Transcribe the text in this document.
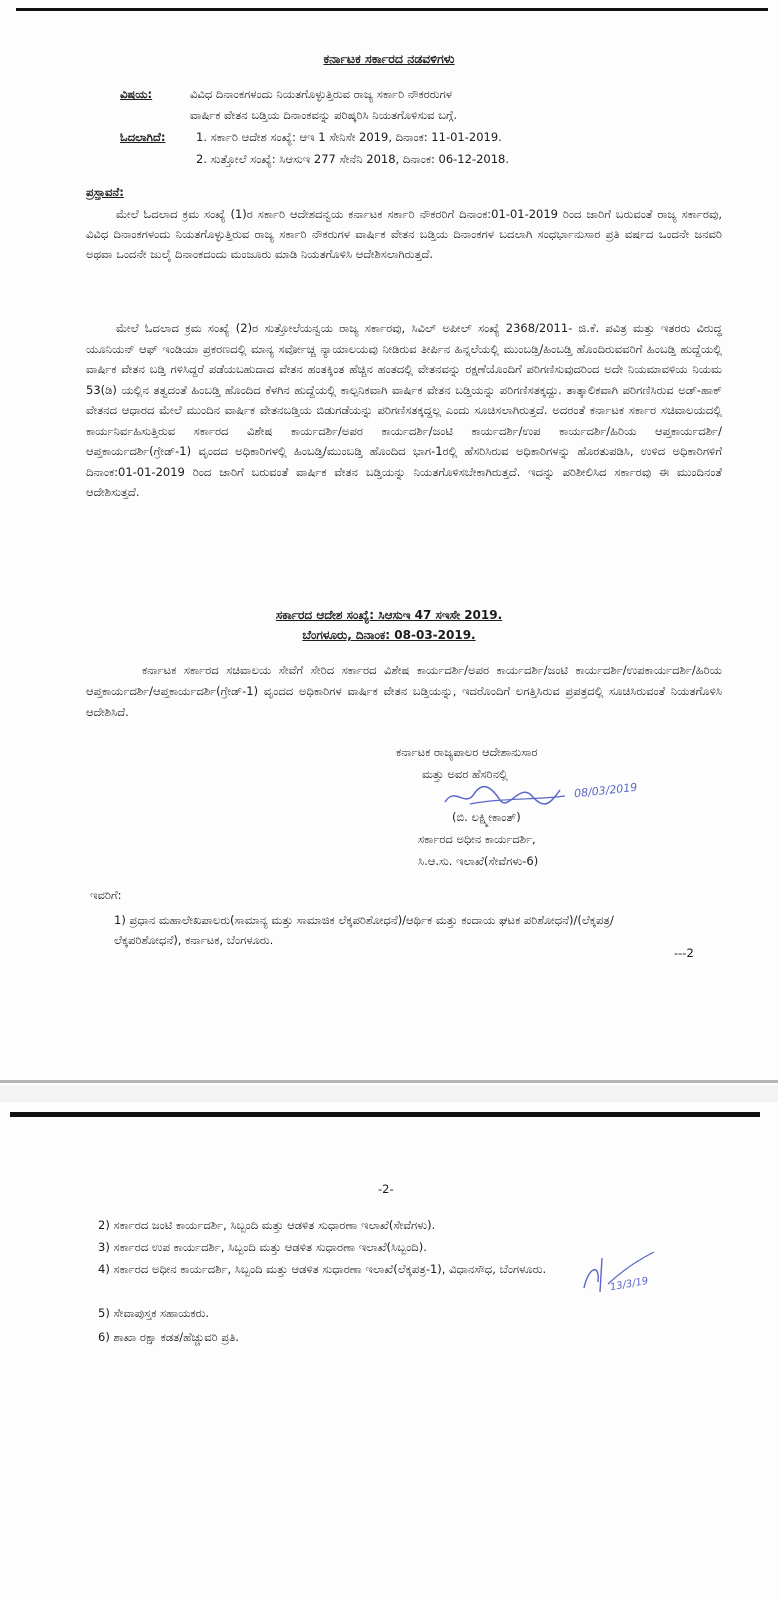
ಕರ್ನಾಟಕ ಸರ್ಕಾರದ ನಡವಳಿಗಳು
ವಿಷಯ:	ವಿವಿಧ ದಿನಾಂಕಗಳಂದು ನಿಯತಗೊಳ್ಳುತ್ತಿರುವ ರಾಜ್ಯ ಸರ್ಕಾರಿ ನೌಕರರುಗಳ
ವಾರ್ಷಿಕ ವೇತನ ಬಡ್ತಿಯ ದಿನಾಂಕವನ್ನು ಪರಿಷ್ಕರಿಸಿ ನಿಯತಗೊಳಿಸುವ ಬಗ್ಗೆ.
ಓದಲಾಗಿದೆ:	1. ಸರ್ಕಾರಿ ಆದೇಶ ಸಂಖ್ಯೆ: ಆಇ 1 ಸೇನಿಸೇ 2019, ದಿನಾಂಕ: 11-01-2019.
2. ಸುತ್ತೋಲೆ ಸಂಖ್ಯೆ: ಸಿಆಸುಇ 277 ಸೇನೆನಿ 2018, ದಿನಾಂಕ: 06-12-2018.
ಪ್ರಸ್ತಾವನೆ:
ಮೇಲೆ ಓದಲಾದ ಕ್ರಮ ಸಂಖ್ಯೆ (1)ರ ಸರ್ಕಾರಿ ಆದೇಶದನ್ವಯ ಕರ್ನಾಟಕ ಸರ್ಕಾರಿ ನೌಕರರಿಗೆ ದಿನಾಂಕ:01-01-2019 ರಿಂದ ಜಾರಿಗೆ ಬರುವಂತೆ ರಾಜ್ಯ ಸರ್ಕಾರವು, ವಿವಿಧ ದಿನಾಂಕಗಳಂದು ನಿಯತಗೊಳ್ಳುತ್ತಿರುವ ರಾಜ್ಯ ಸರ್ಕಾರಿ ನೌಕರುಗಳ ವಾರ್ಷಿಕ ವೇತನ ಬಡ್ತಿಯ ದಿನಾಂಕಗಳ ಬದಲಾಗಿ ಸಂಧರ್ಭಾನುಸಾರ ಪ್ರತಿ ವರ್ಷದ ಒಂದನೇ ಜನವರಿ ಅಥವಾ ಒಂದನೇ ಜುಲೈ ದಿನಾಂಕದಂದು ಮಂಜೂರು ಮಾಡಿ ನಿಯತಗೊಳಿಸಿ ಆದೇಶಿಸಲಾಗಿರುತ್ತದೆ.
ಮೇಲೆ ಓದಲಾದ ಕ್ರಮ ಸಂಖ್ಯೆ (2)ರ ಸುತ್ತೋಲೆಯನ್ವಯ ರಾಜ್ಯ ಸರ್ಕಾರವು, ಸಿವಿಲ್ ಅಪೀಲ್ ಸಂಖ್ಯೆ 2368/2011- ಜಿ.ಕೆ. ಪವಿತ್ರ ಮತ್ತು ಇತರರು ವಿರುದ್ಧ ಯೂನಿಯನ್ ಆಫ್ ಇಂಡಿಯಾ ಪ್ರಕರಣದಲ್ಲಿ ಮಾನ್ಯ ಸರ್ವೋಚ್ಚ ನ್ಯಾಯಾಲಯವು ನೀಡಿರುವ ತೀರ್ಪಿನ ಹಿನ್ನಲೆಯಲ್ಲಿ ಮುಂಬಡ್ತಿ/ಹಿಂಬಡ್ತಿ ಹೊಂದಿರುವವರಿಗೆ ಹಿಂಬಡ್ತಿ ಹುದ್ದೆಯಲ್ಲಿ ವಾರ್ಷಿಕ ವೇತನ ಬಡ್ತಿ ಗಳಿಸಿದ್ದರೆ ಪಡೆಯಬಹುದಾದ ವೇತನ ಹಂತಕ್ಕಿಂತ ಹೆಚ್ಚಿನ ಹಂತದಲ್ಲಿ ವೇತನವನ್ನು ರಕ್ಷಣೆಯೊಂದಿಗೆ ಪರಿಗಣಿಸುವುದರಿಂದ ಅದೇ ನಿಯಮಾವಳಿಯ ನಿಯಮ 53(ಡಿ) ಯಲ್ಲಿನ ತತ್ವದಂತೆ ಹಿಂಬಡ್ತಿ ಹೊಂದಿದ ಕೆಳಗಿನ ಹುದ್ದೆಯಲ್ಲಿ ಕಾಲ್ಪನಿಕವಾಗಿ ವಾರ್ಷಿಕ ವೇತನ ಬಡ್ತಿಯನ್ನು ಪರಿಗಣಿಸತಕ್ಕದ್ದು. ತಾತ್ಕಾಲಿಕವಾಗಿ ಪರಿಗಣಿಸಿರುವ ಅಡ್-ಹಾಕ್ ವೇತನದ ಆಧಾರದ ಮೇಲೆ ಮುಂದಿನ ವಾರ್ಷಿಕ ವೇತನಬಡ್ತಿಯ ಬಿಡುಗಡೆಯನ್ನು ಪರಿಗಣಿಸತಕ್ಕದ್ದಲ್ಲ ಎಂದು ಸೂಚಿಸಲಾಗಿರುತ್ತದೆ. ಅದರಂತೆ ಕರ್ನಾಟಕ ಸರ್ಕಾರ ಸಚಿವಾಲಯದಲ್ಲಿ ಕಾರ್ಯನಿರ್ವಹಿಸುತ್ತಿರುವ ಸರ್ಕಾರದ ವಿಶೇಷ ಕಾರ್ಯದರ್ಶಿ/ಅಪರ ಕಾರ್ಯದರ್ಶಿ/ಜಂಟಿ ಕಾರ್ಯದರ್ಶಿ/ಉಪ ಕಾರ್ಯದರ್ಶಿ/ಹಿರಿಯ ಆಪ್ತಕಾರ್ಯದರ್ಶಿ/ಆಪ್ತಕಾರ್ಯದರ್ಶಿ(ಗ್ರೇಡ್-1) ವೃಂದದ ಅಧಿಕಾರಿಗಳಲ್ಲಿ ಹಿಂಬಡ್ತಿ/ಮುಂಬಡ್ತಿ ಹೊಂದಿದ ಭಾಗ-1ರಲ್ಲಿ ಹೆಸರಿಸಿರುವ ಅಧಿಕಾರಿಗಳನ್ನು ಹೊರತುಪಡಿಸಿ, ಉಳಿದ ಅಧಿಕಾರಿಗಳಿಗೆ ದಿನಾಂಕ:01-01-2019 ರಿಂದ ಜಾರಿಗೆ ಬರುವಂತೆ ವಾರ್ಷಿಕ ವೇತನ ಬಡ್ತಿಯನ್ನು ನಿಯತಗೊಳಿಸಬೇಕಾಗಿರುತ್ತದೆ. ಇದನ್ನು ಪರಿಶೀಲಿಸಿದ ಸರ್ಕಾರವು ಈ ಮುಂದಿನಂತೆ ಆದೇಶಿಸುತ್ತದೆ.
ಸರ್ಕಾರದ ಆದೇಶ ಸಂಖ್ಯೆ: ಸಿಆಸುಇ 47 ಸಇಸೇ 2019.
ಬೆಂಗಳೂರು, ದಿನಾಂಕ: 08-03-2019.
ಕರ್ನಾಟಕ ಸರ್ಕಾರದ ಸಚಿವಾಲಯ ಸೇವೆಗೆ ಸೇರಿದ ಸರ್ಕಾರದ ವಿಶೇಷ ಕಾರ್ಯದರ್ಶಿ/ಅಪರ ಕಾರ್ಯದರ್ಶಿ/ಜಂಟಿ ಕಾರ್ಯದರ್ಶಿ/ಉಪಕಾರ್ಯದರ್ಶಿ/ಹಿರಿಯ ಆಪ್ತಕಾರ್ಯದರ್ಶಿ/ಆಪ್ತಕಾರ್ಯದರ್ಶಿ(ಗ್ರೇಡ್-1) ವೃಂದದ ಅಧಿಕಾರಿಗಳ ವಾರ್ಷಿಕ ವೇತನ ಬಡ್ತಿಯನ್ನು, ಇದರೊಂದಿಗೆ ಲಗತ್ತಿಸಿರುವ ಪ್ರಪತ್ರದಲ್ಲಿ ಸೂಚಿಸಿರುವಂತೆ ನಿಯತಗೊಳಿಸಿ ಆದೇಶಿಸಿದೆ.
ಕರ್ನಾಟಕ ರಾಜ್ಯಪಾಲರ ಆದೇಶಾನುಸಾರ
ಮತ್ತು ಅವರ ಹೆಸರಿನಲ್ಲಿ
08/03/2019
(ಬಿ. ಲಕ್ಷ್ಮೀಕಾಂತ್)
ಸರ್ಕಾರದ ಅಧೀನ ಕಾರ್ಯದರ್ಶಿ,
ಸಿ.ಆ.ಸು. ಇಲಾಖೆ(ಸೇವೆಗಳು-6)
ಇವರಿಗೆ:
1) ಪ್ರಧಾನ ಮಹಾಲೇಖಪಾಲರು(ಸಾಮಾನ್ಯ ಮತ್ತು ಸಾಮಾಜಿಕ ಲೆಕ್ಕಪರಿಶೋಧನೆ)/ಆರ್ಥಿಕ ಮತ್ತು ಕಂದಾಯ ಘಟಕ ಪರಿಶೋಧನೆ)/(ಲೆಕ್ಕಪತ್ರ/ಲೆಕ್ಕಪರಿಶೋಧನೆ), ಕರ್ನಾಟಕ, ಬೆಂಗಳೂರು.
---2
-2-
2) ಸರ್ಕಾರದ ಜಂಟಿ ಕಾರ್ಯದರ್ಶಿ, ಸಿಬ್ಬಂದಿ ಮತ್ತು ಆಡಳಿತ ಸುಧಾರಣಾ ಇಲಾಖೆ(ಸೇವೆಗಳು).
3) ಸರ್ಕಾರದ ಉಪ ಕಾರ್ಯದರ್ಶಿ, ಸಿಬ್ಬಂದಿ ಮತ್ತು ಆಡಳಿತ ಸುಧಾರಣಾ ಇಲಾಖೆ(ಸಿಬ್ಬಂದಿ).
4) ಸರ್ಕಾರದ ಅಧೀನ ಕಾರ್ಯದರ್ಶಿ, ಸಿಬ್ಬಂದಿ ಮತ್ತು ಆಡಳಿತ ಸುಧಾರಣಾ ಇಲಾಖೆ(ಲೆಕ್ಕಪತ್ರ-1), ವಿಧಾನಸೌಧ, ಬೆಂಗಳೂರು.
5) ಸೇವಾಪುಸ್ತಕ ಸಹಾಯಕರು.
6) ಶಾಖಾ ರಕ್ಷಾ ಕಡತ/ಹೆಚ್ಚುವರಿ ಪ್ರತಿ.
13/3/19
